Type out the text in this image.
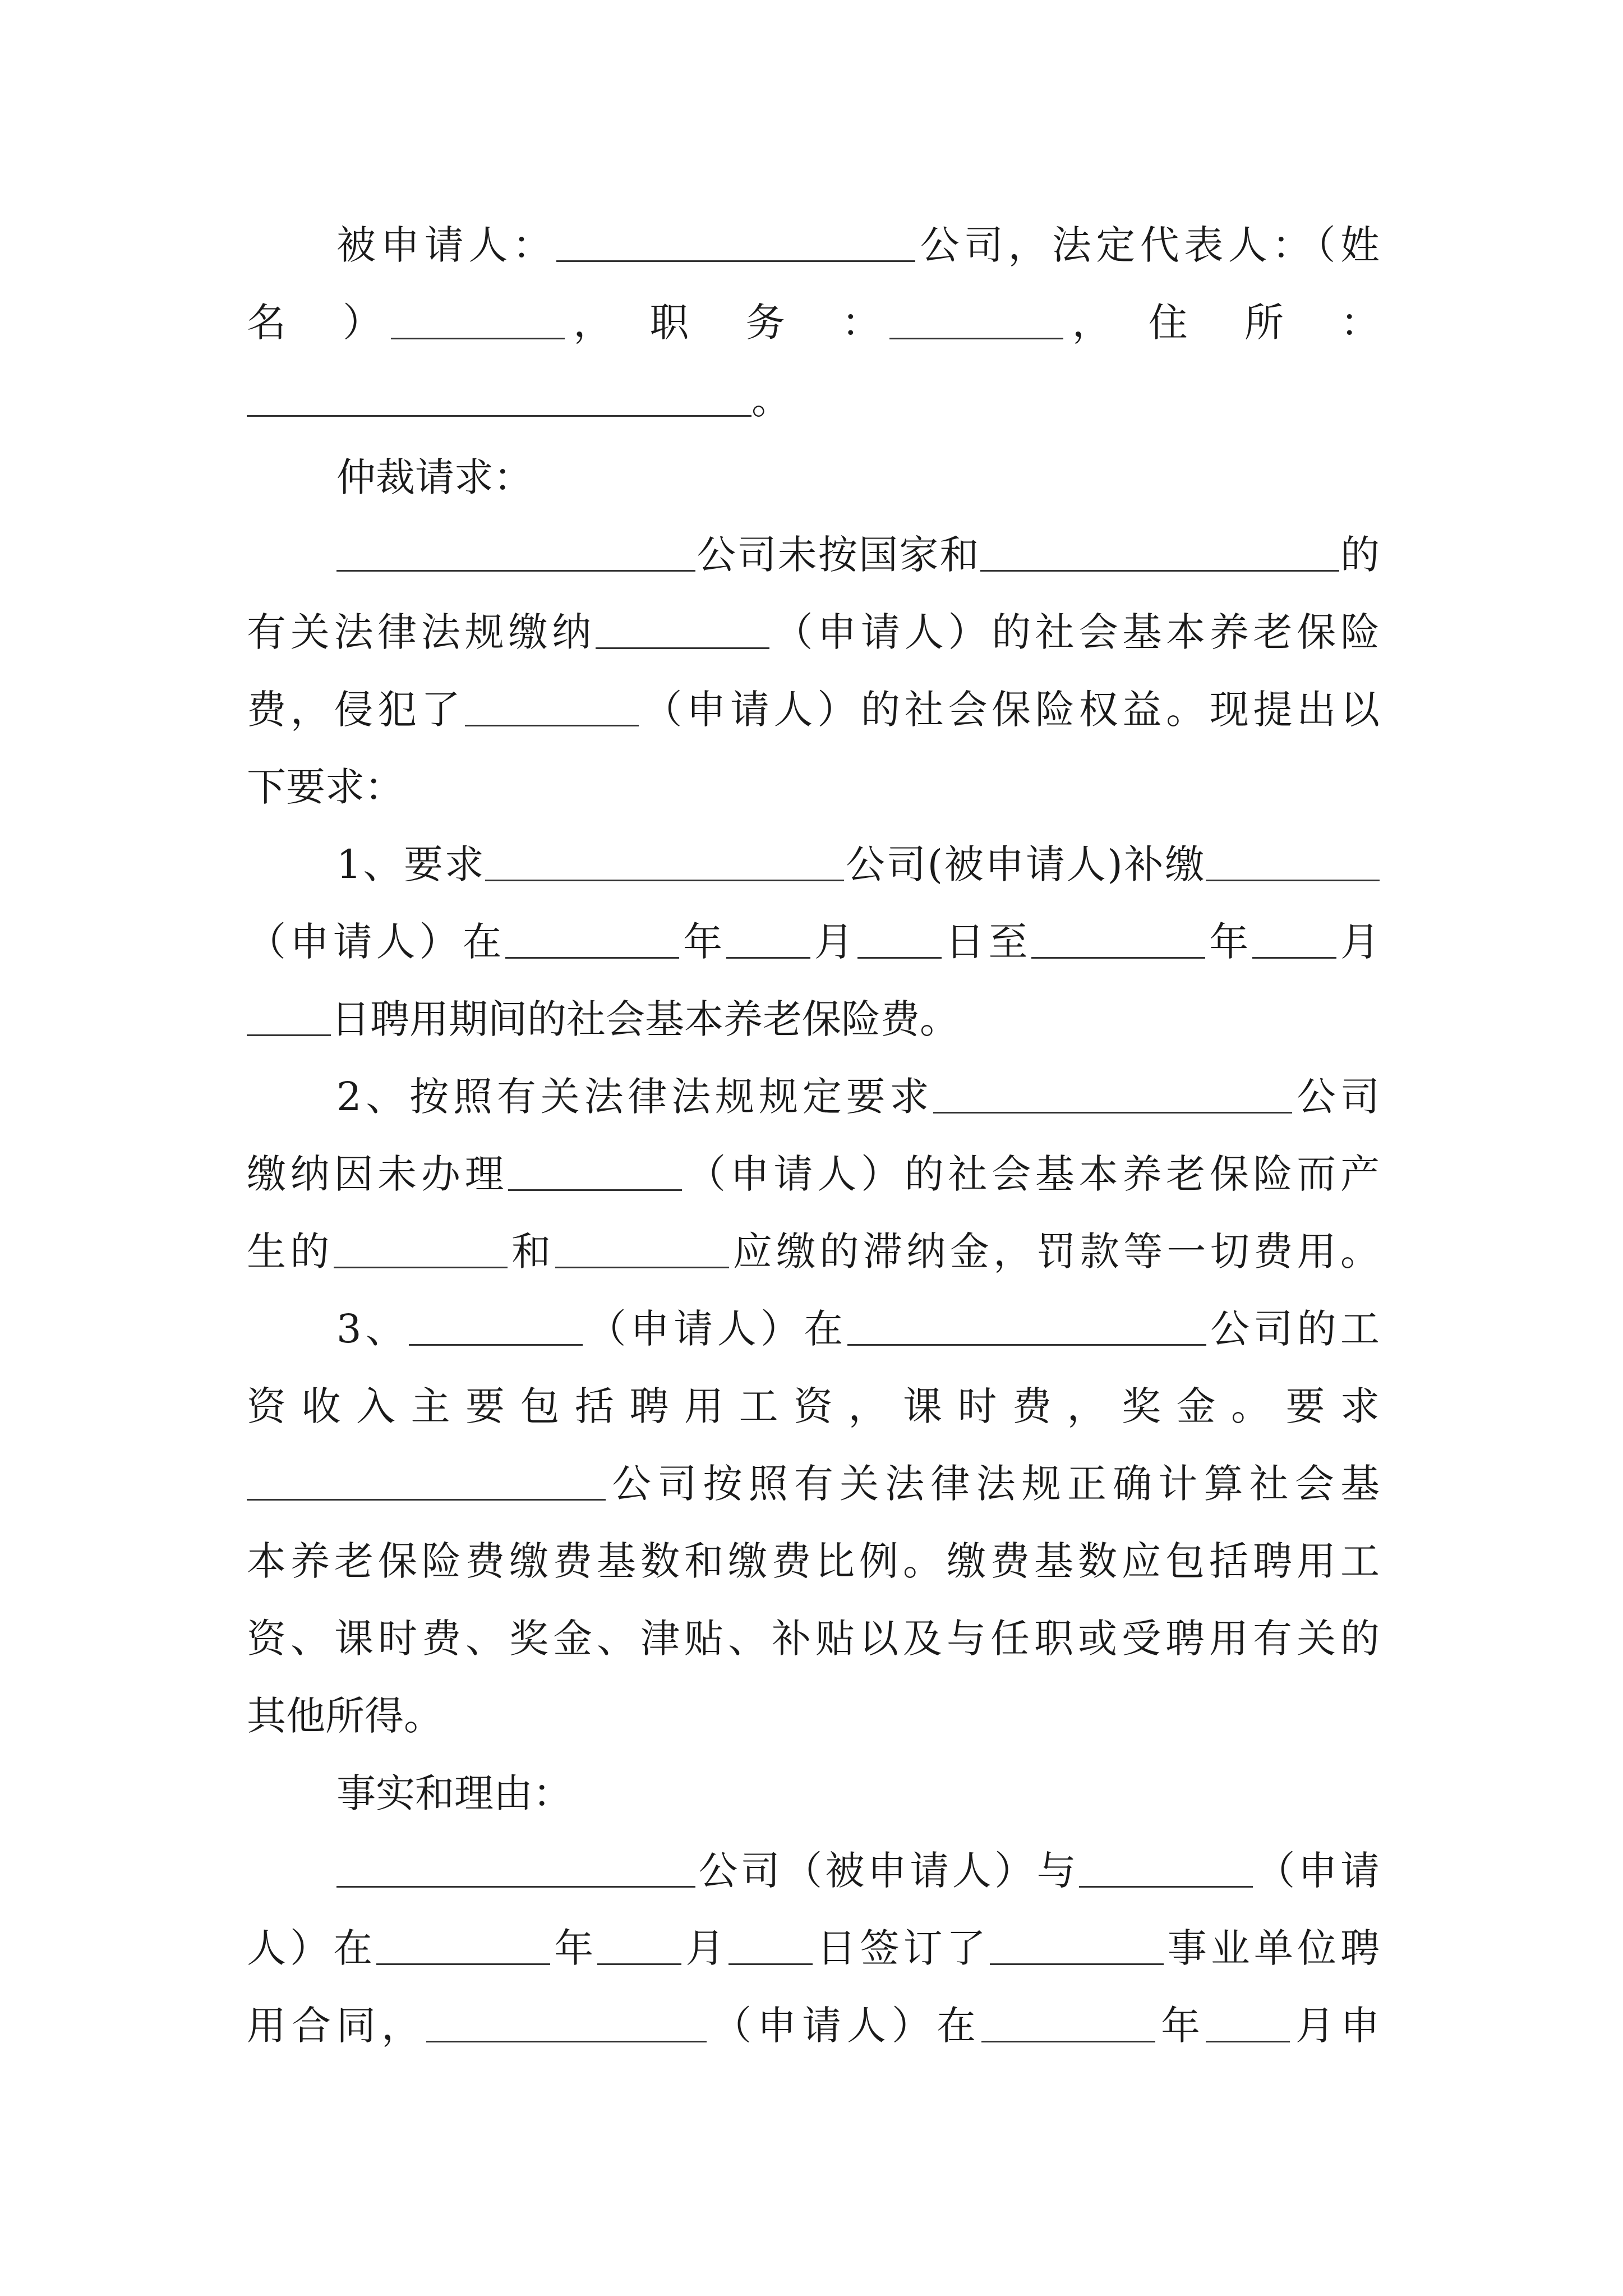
被申请人：	公司，法定代表人：（姓
名　）	，　职　务　：	，　住　所　：
。
仲裁请求：
公司未按国家和	的
有关法律法规缴纳	（申请人）的社会基本养老保险
费，侵犯了	（申请人）的社会保险权益。现提出以
下要求：
1、要求	公司(被申请人)补缴
（申请人）在	年 月 日至	年 月
日聘用期间的社会基本养老保险费。
2、按照有关法律法规规定要求	公司
缴纳因未办理	（申请人）的社会基本养老保险而产
生的	和	应缴的滞纳金，罚款等一切费用。
3、	（申请人）在	公司的工
资收入主要包括聘用工资，课时费，奖金。要求
公司按照有关法律法规正确计算社会基
本养老保险费缴费基数和缴费比例。缴费基数应包括聘用工
资、课时费、奖金、津贴、补贴以及与任职或受聘用有关的
其他所得。
事实和理由：
公司（被申请人）与	（申请
人）在	年 月 日签订了	事业单位聘
用合同，	（申请人）在	年 月申
